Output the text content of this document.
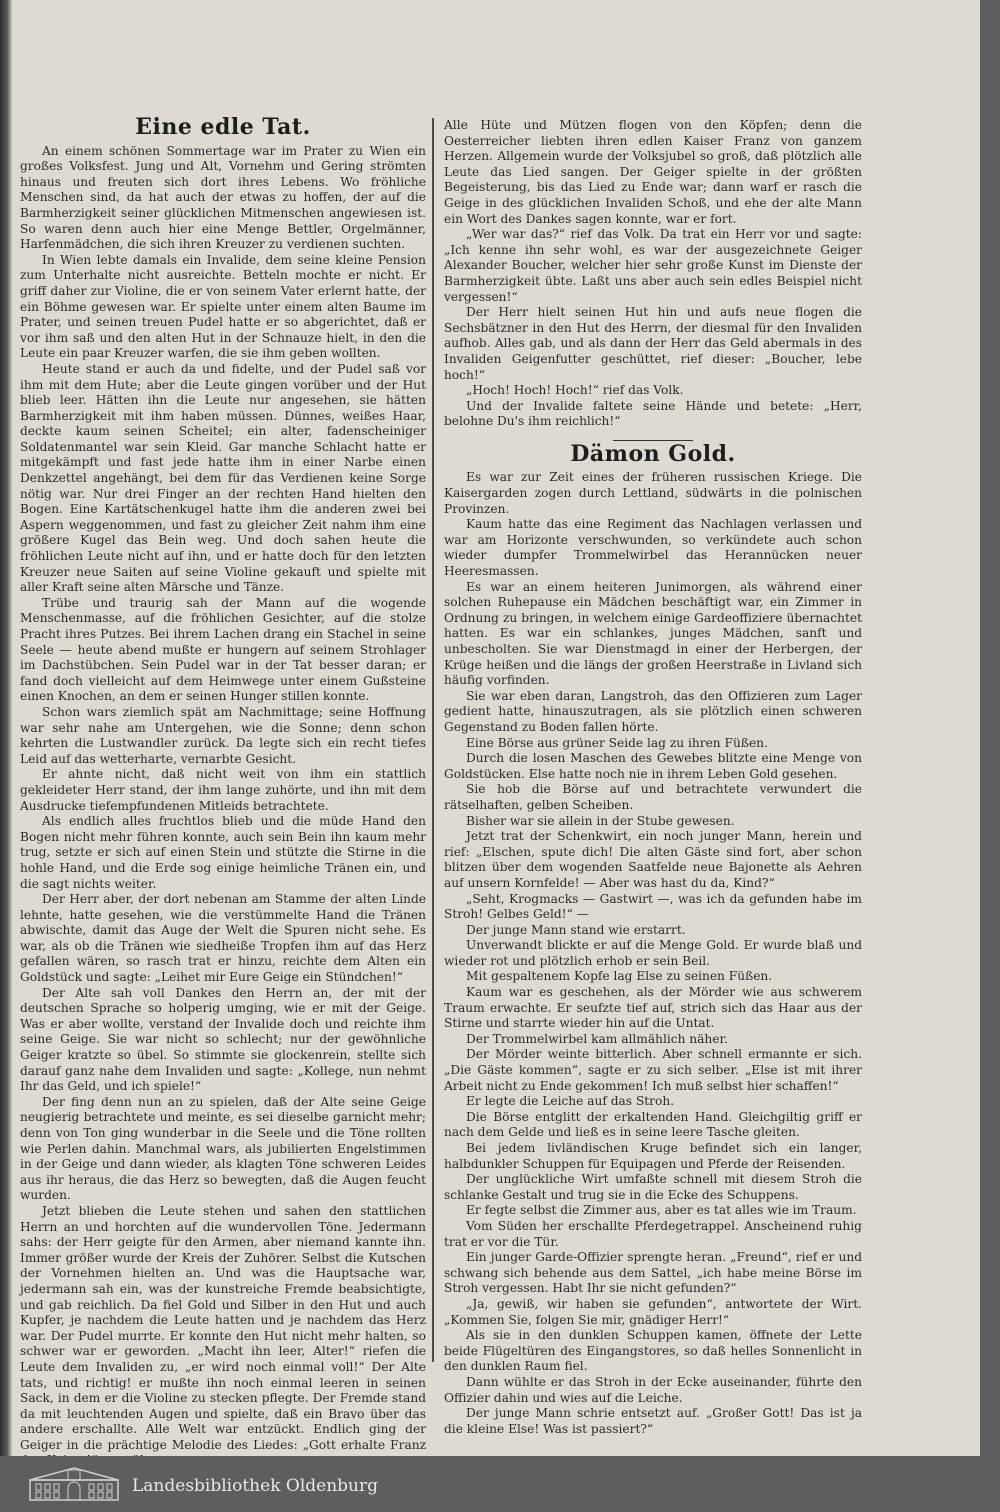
Eine edle Tat.

An einem schönen Sommertage war im Prater zu Wien ein großes Volksfest. Jung und Alt, Vornehm und Gering strömten hinaus und freuten sich dort ihres Lebens. Wo fröhliche Menschen sind, da hat auch der etwas zu hoffen, der auf die Barmherzigkeit seiner glücklichen Mitmenschen angewiesen ist. So waren denn auch hier eine Menge Bettler, Orgelmänner, Harfenmädchen, die sich ihren Kreuzer zu verdienen suchten.

In Wien lebte damals ein Invalide, dem seine kleine Pension zum Unterhalte nicht ausreichte. Betteln mochte er nicht. Er griff daher zur Violine, die er von seinem Vater erlernt hatte, der ein Böhme gewesen war. Er spielte unter einem alten Baume im Prater, und seinen treuen Pudel hatte er so abgerichtet, daß er vor ihm saß und den alten Hut in der Schnauze hielt, in den die Leute ein paar Kreuzer warfen, die sie ihm geben wollten.

Heute stand er auch da und fidelte, und der Pudel saß vor ihm mit dem Hute; aber die Leute gingen vorüber und der Hut blieb leer. Hätten ihn die Leute nur angesehen, sie hätten Barmherzigkeit mit ihm haben müssen. Dünnes, weißes Haar, deckte kaum seinen Scheitel; ein alter, fadenscheiniger Soldatenmantel war sein Kleid. Gar manche Schlacht hatte er mitgekämpft und fast jede hatte ihm in einer Narbe einen Denkzettel angehängt, bei dem für das Verdienen keine Sorge nötig war. Nur drei Finger an der rechten Hand hielten den Bogen. Eine Kartätschenkugel hatte ihm die anderen zwei bei Aspern weggenommen, und fast zu gleicher Zeit nahm ihm eine größere Kugel das Bein weg. Und doch sahen heute die fröhlichen Leute nicht auf ihn, und er hatte doch für den letzten Kreuzer neue Saiten auf seine Violine gekauft und spielte mit aller Kraft seine alten Märsche und Tänze.

Trübe und traurig sah der Mann auf die wogende Menschenmasse, auf die fröhlichen Gesichter, auf die stolze Pracht ihres Putzes. Bei ihrem Lachen drang ein Stachel in seine Seele — heute abend mußte er hungern auf seinem Strohlager im Dachstübchen. Sein Pudel war in der Tat besser daran; er fand doch vielleicht auf dem Heimwege unter einem Gußsteine einen Knochen, an dem er seinen Hunger stillen konnte.

Schon wars ziemlich spät am Nachmittage; seine Hoffnung war sehr nahe am Untergehen, wie die Sonne; denn schon kehrten die Lustwandler zurück. Da legte sich ein recht tiefes Leid auf das wetterharte, vernarbte Gesicht.

Er ahnte nicht, daß nicht weit von ihm ein stattlich gekleideter Herr stand, der ihm lange zuhörte, und ihn mit dem Ausdrucke tiefempfundenen Mitleids betrachtete.

Als endlich alles fruchtlos blieb und die müde Hand den Bogen nicht mehr führen konnte, auch sein Bein ihn kaum mehr trug, setzte er sich auf einen Stein und stützte die Stirne in die hohle Hand, und die Erde sog einige heimliche Tränen ein, und die sagt nichts weiter.

Der Herr aber, der dort nebenan am Stamme der alten Linde lehnte, hatte gesehen, wie die verstümmelte Hand die Tränen abwischte, damit das Auge der Welt die Spuren nicht sehe. Es war, als ob die Tränen wie siedheiße Tropfen ihm auf das Herz gefallen wären, so rasch trat er hinzu, reichte dem Alten ein Goldstück und sagte: „Leihet mir Eure Geige ein Stündchen!“

Der Alte sah voll Dankes den Herrn an, der mit der deutschen Sprache so holperig umging, wie er mit der Geige. Was er aber wollte, verstand der Invalide doch und reichte ihm seine Geige. Sie war nicht so schlecht; nur der gewöhnliche Geiger kratzte so übel. So stimmte sie glockenrein, stellte sich darauf ganz nahe dem Invaliden und sagte: „Kollege, nun nehmt Ihr das Geld, und ich spiele!“

Der fing denn nun an zu spielen, daß der Alte seine Geige neugierig betrachtete und meinte, es sei dieselbe garnicht mehr; denn von Ton ging wunderbar in die Seele und die Töne rollten wie Perlen dahin. Manchmal wars, als jubilierten Engelstimmen in der Geige und dann wieder, als klagten Töne schweren Leides aus ihr heraus, die das Herz so bewegten, daß die Augen feucht wurden.

Jetzt blieben die Leute stehen und sahen den stattlichen Herrn an und horchten auf die wundervollen Töne. Jedermann sahs: der Herr geigte für den Armen, aber niemand kannte ihn. Immer größer wurde der Kreis der Zuhörer. Selbst die Kutschen der Vornehmen hielten an. Und was die Hauptsache war, jedermann sah ein, was der kunstreiche Fremde beabsichtigte, und gab reichlich. Da fiel Gold und Silber in den Hut und auch Kupfer, je nachdem die Leute hatten und je nachdem das Herz war. Der Pudel murrte. Er konnte den Hut nicht mehr halten, so schwer war er geworden. „Macht ihn leer, Alter!“ riefen die Leute dem Invaliden zu, „er wird noch einmal voll!“ Der Alte tats, und richtig! er mußte ihn noch einmal leeren in seinen Sack, in dem er die Violine zu stecken pflegte. Der Fremde stand da mit leuchtenden Augen und spielte, daß ein Bravo über das andere erschallte. Alle Welt war entzückt. Endlich ging der Geiger in die prächtige Melodie des Liedes: „Gott erhalte Franz

Alle Hüte und Mützen flogen von den Köpfen; denn die Oesterreicher liebten ihren edlen Kaiser Franz von ganzem Herzen. Allgemein wurde der Volksjubel so groß, daß plötzlich alle Leute das Lied sangen. Der Geiger spielte in der größten Begeisterung, bis das Lied zu Ende war; dann warf er rasch die Geige in des glücklichen Invaliden Schoß, und ehe der alte Mann ein Wort des Dankes sagen konnte, war er fort.

„Wer war das?“ rief das Volk. Da trat ein Herr vor und sagte: „Ich kenne ihn sehr wohl, es war der ausgezeichnete Geiger Alexander Boucher, welcher hier sehr große Kunst im Dienste der Barmherzigkeit übte. Laßt uns aber auch sein edles Beispiel nicht vergessen!“

Der Herr hielt seinen Hut hin und aufs neue flogen die Sechsbätzner in den Hut des Herrn, der diesmal für den Invaliden aufhob. Alles gab, und als dann der Herr das Geld abermals in des Invaliden Geigenfutter geschüttet, rief dieser: „Boucher, lebe hoch!“

„Hoch! Hoch! Hoch!“ rief das Volk.

Und der Invalide faltete seine Hände und betete: „Herr, belohne Du's ihm reichlich!“

Dämon Gold.

Es war zur Zeit eines der früheren russischen Kriege. Die Kaisergarden zogen durch Lettland, südwärts in die polnischen Provinzen.

Kaum hatte das eine Regiment das Nachlagen verlassen und war am Horizonte verschwunden, so verkündete auch schon wieder dumpfer Trommelwirbel das Herannücken neuer Heeresmassen.

Es war an einem heiteren Junimorgen, als während einer solchen Ruhepause ein Mädchen beschäftigt war, ein Zimmer in Ordnung zu bringen, in welchem einige Gardeoffiziere übernachtet hatten. Es war ein schlankes, junges Mädchen, sanft und unbescholten. Sie war Dienstmagd in einer der Herbergen, der Krüge heißen und die längs der großen Heerstraße in Livland sich häufig vorfinden.

Sie war eben daran, Langstroh, das den Offizieren zum Lager gedient hatte, hinauszutragen, als sie plötzlich einen schweren Gegenstand zu Boden fallen hörte.

Eine Börse aus grüner Seide lag zu ihren Füßen.

Durch die losen Maschen des Gewebes blitzte eine Menge von Goldstücken. Else hatte noch nie in ihrem Leben Gold gesehen.

Sie hob die Börse auf und betrachtete verwundert die rätselhaften, gelben Scheiben.

Bisher war sie allein in der Stube gewesen.

Jetzt trat der Schenkwirt, ein noch junger Mann, herein und rief: „Elschen, spute dich! Die alten Gäste sind fort, aber schon blitzen über dem wogenden Saatfelde neue Bajonette als Aehren auf unsern Kornfelde! — Aber was hast du da, Kind?“

„Seht, Krogmacks — Gastwirt —, was ich da gefunden habe im Stroh! Gelbes Geld!“ —

Der junge Mann stand wie erstarrt.

Unverwandt blickte er auf die Menge Gold. Er wurde blaß und wieder rot und plötzlich erhob er sein Beil.

Mit gespaltenem Kopfe lag Else zu seinen Füßen.

Kaum war es geschehen, als der Mörder wie aus schwerem Traum erwachte. Er seufzte tief auf, strich sich das Haar aus der Stirne und starrte wieder hin auf die Untat.

Der Trommelwirbel kam allmählich näher.

Der Mörder weinte bitterlich. Aber schnell ermannte er sich. „Die Gäste kommen“, sagte er zu sich selber. „Else ist mit ihrer Arbeit nicht zu Ende gekommen! Ich muß selbst hier schaffen!“

Er legte die Leiche auf das Stroh.

Die Börse entglitt der erkaltenden Hand. Gleichgiltig griff er nach dem Gelde und ließ es in seine leere Tasche gleiten.

Bei jedem livländischen Kruge befindet sich ein langer, halbdunkler Schuppen für Equipagen und Pferde der Reisenden.

Der unglückliche Wirt umfaßte schnell mit diesem Stroh die schlanke Gestalt und trug sie in die Ecke des Schuppens.

Er fegte selbst die Zimmer aus, aber es tat alles wie im Traum.

Vom Süden her erschallte Pferdegetrappel. Anscheinend ruhig trat er vor die Tür.

Ein junger Garde-Offizier sprengte heran. „Freund“, rief er und schwang sich behende aus dem Sattel, „ich habe meine Börse im Stroh vergessen. Habt Ihr sie nicht gefunden?“

„Ja, gewiß, wir haben sie gefunden“, antwortete der Wirt. „Kommen Sie, folgen Sie mir, gnädiger Herr!“

Als sie in den dunklen Schuppen kamen, öffnete der Lette beide Flügeltüren des Eingangstores, so daß helles Sonnenlicht in den dunklen Raum fiel.

Dann wühlte er das Stroh in der Ecke auseinander, führte den Offizier dahin und wies auf die Leiche.

Der junge Mann schrie entsetzt auf. „Großer Gott! Das ist ja die kleine Else! Was ist passiert?“

Landesbibliothek Oldenburg
